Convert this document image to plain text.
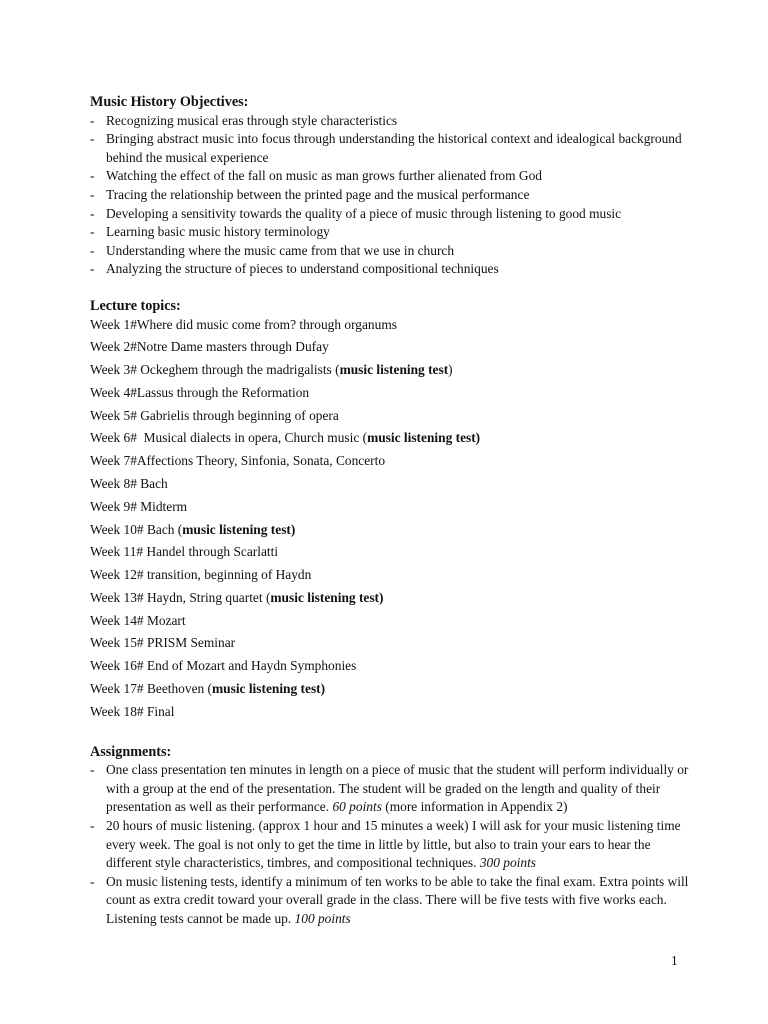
Music History Objectives:
- Recognizing musical eras through style characteristics
- Bringing abstract music into focus through understanding the historical context and idealogical background behind the musical experience
- Watching the effect of the fall on music as man grows further alienated from God
- Tracing the relationship between the printed page and the musical performance
- Developing a sensitivity towards the quality of a piece of music through listening to good music
- Learning basic music history terminology
- Understanding where the music came from that we use in church
- Analyzing the structure of pieces to understand compositional techniques
Lecture topics:
Week 1#Where did music come from? through organums
Week 2#Notre Dame masters through Dufay
Week 3# Ockeghem through the madrigalists (music listening test)
Week 4#Lassus through the Reformation
Week 5# Gabrielis through beginning of opera
Week 6#  Musical dialects in opera, Church music (music listening test)
Week 7#Affections Theory, Sinfonia, Sonata, Concerto
Week 8# Bach
Week 9# Midterm
Week 10# Bach (music listening test)
Week 11# Handel through Scarlatti
Week 12# transition, beginning of Haydn
Week 13# Haydn, String quartet (music listening test)
Week 14# Mozart
Week 15# PRISM Seminar
Week 16# End of Mozart and Haydn Symphonies
Week 17# Beethoven (music listening test)
Week 18# Final
Assignments:
- One class presentation ten minutes in length on a piece of music that the student will perform individually or with a group at the end of the presentation. The student will be graded on the length and quality of their presentation as well as their performance. 60 points (more information in Appendix 2)
- 20 hours of music listening. (approx 1 hour and 15 minutes a week) I will ask for your music listening time every week. The goal is not only to get the time in little by little, but also to train your ears to hear the different style characteristics, timbres, and compositional techniques. 300 points
- On music listening tests, identify a minimum of ten works to be able to take the final exam. Extra points will count as extra credit toward your overall grade in the class. There will be five tests with five works each. Listening tests cannot be made up. 100 points
1
